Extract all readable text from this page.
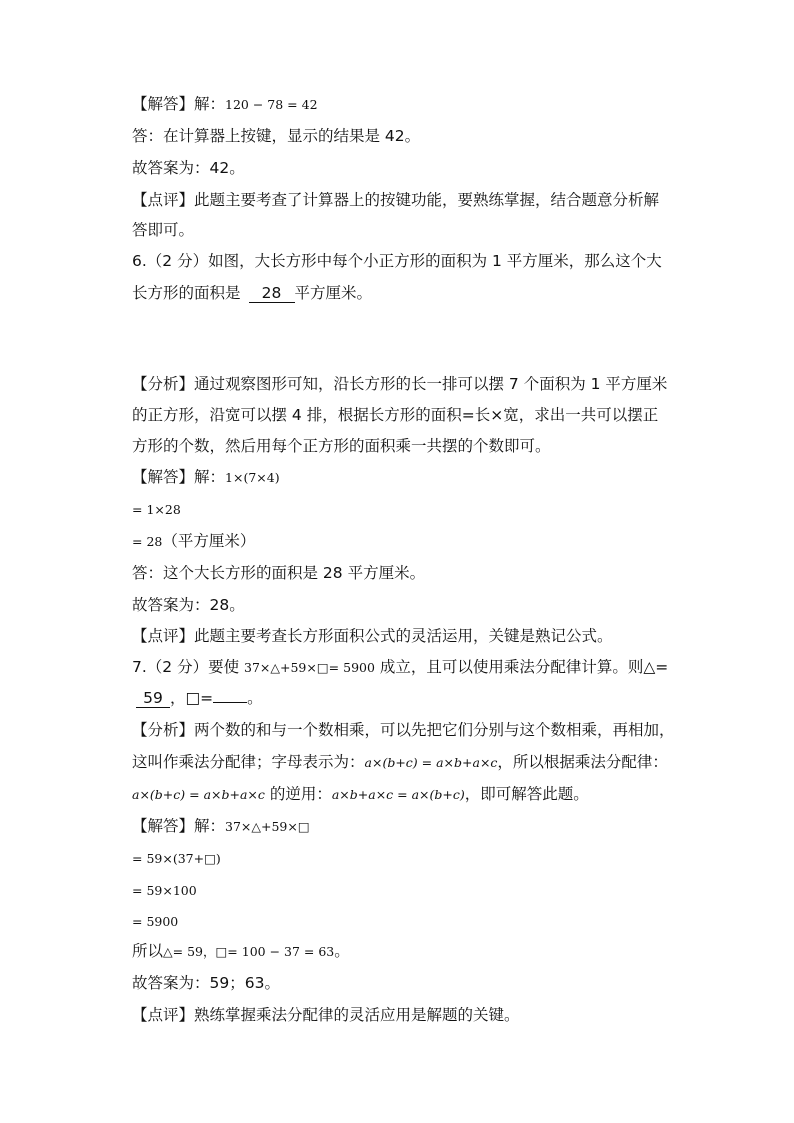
【解答】解：120 − 78 = 42
答：在计算器上按键，显示的结果是 42。
故答案为：42。
【点评】此题主要考查了计算器上的按键功能，要熟练掌握，结合题意分析解
答即可。
6.（2 分）如图，大长方形中每个小正方形的面积为 1 平方厘米，那么这个大
长方形的面积是 28 平方厘米。
【分析】通过观察图形可知，沿长方形的长一排可以摆 7 个面积为 1 平方厘米
的正方形，沿宽可以摆 4 排，根据长方形的面积=长×宽，求出一共可以摆正
方形的个数，然后用每个正方形的面积乘一共摆的个数即可。
【解答】解：1×(7×4)
= 1×28
= 28（平方厘米）
答：这个大长方形的面积是 28 平方厘米。
故答案为：28。
【点评】此题主要考查长方形面积公式的灵活运用，关键是熟记公式。
7.（2 分）要使 37×△+59×□= 5900 成立，且可以使用乘法分配律计算。则△=
59 ，□= 。
【分析】两个数的和与一个数相乘，可以先把它们分别与这个数相乘，再相加，
这叫作乘法分配律；字母表示为：a×(b+c) = a×b+a×c，所以根据乘法分配律：
a×(b+c) = a×b+a×c 的逆用：a×b+a×c = a×(b+c)，即可解答此题。
【解答】解：37×△+59×□
= 59×(37+□)
= 59×100
= 5900
所以△= 59，□= 100 − 37 = 63。
故答案为：59；63。
【点评】熟练掌握乘法分配律的灵活应用是解题的关键。
